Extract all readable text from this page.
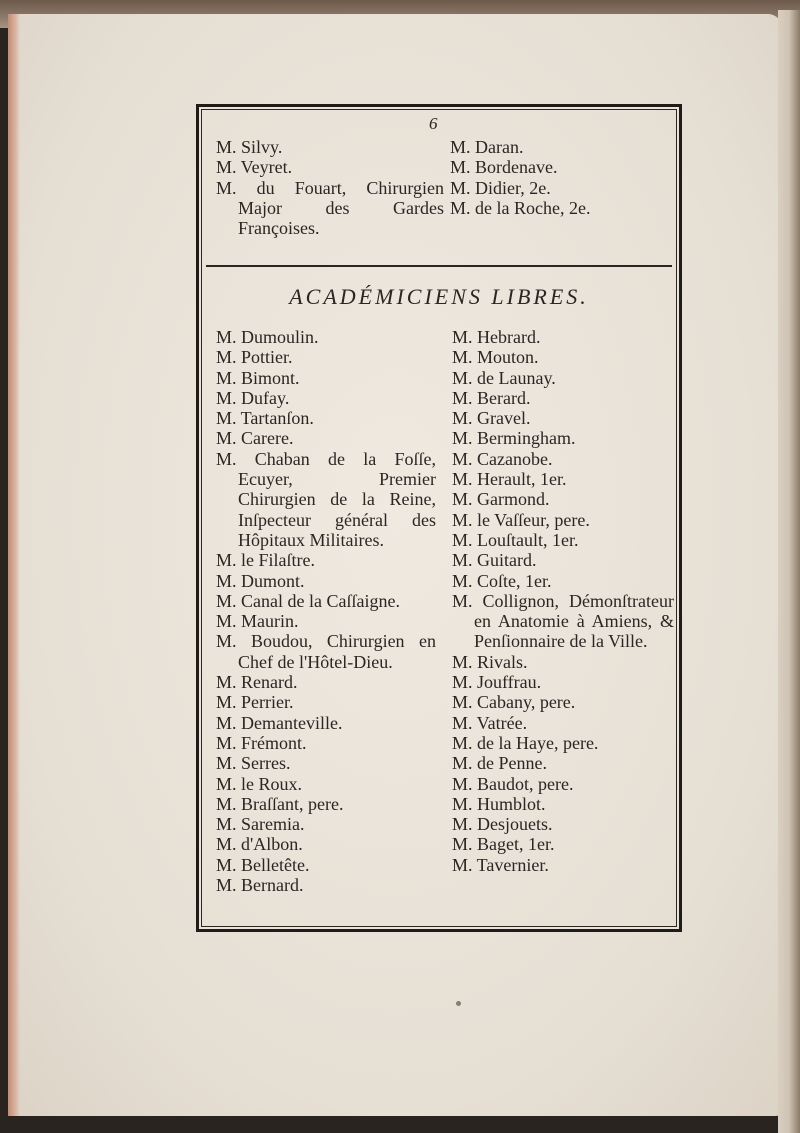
6

M. Silvy.

M. Veyret.

M. du Fouart, Chirurgien Major des Gardes Françoises.

M. Daran.

M. Bordenave.

M. Didier, 2e.

M. de la Roche, 2e.

ACADÉMICIENS LIBRES.

M. Dumoulin.

M. Pottier.

M. Bimont.

M. Dufay.

M. Tartanſon.

M. Carere.

M. Chaban de la Foſſe, Ecuyer, Premier Chirurgien de la Reine, Inſpecteur général des Hôpitaux Militaires.

M. le Filaſtre.

M. Dumont.

M. Canal de la Caſſaigne.

M. Maurin.

M. Boudou, Chirurgien en Chef de l'Hôtel-Dieu.

M. Renard.

M. Perrier.

M. Demanteville.

M. Frémont.

M. Serres.

M. le Roux.

M. Braſſant, pere.

M. Saremia.

M. d'Albon.

M. Belletête.

M. Bernard.

M. Hebrard.

M. Mouton.

M. de Launay.

M. Berard.

M. Gravel.

M. Bermingham.

M. Cazanobe.

M. Herault, 1er.

M. Garmond.

M. le Vaſſeur, pere.

M. Louſtault, 1er.

M. Guitard.

M. Coſte, 1er.

M. Collignon, Démonſtrateur en Anatomie à Amiens, & Penſionnaire de la Ville.

M. Rivals.

M. Jouffrau.

M. Cabany, pere.

M. Vatrée.

M. de la Haye, pere.

M. de Penne.

M. Baudot, pere.

M. Humblot.

M. Desjouets.

M. Baget, 1er.

M. Tavernier.
